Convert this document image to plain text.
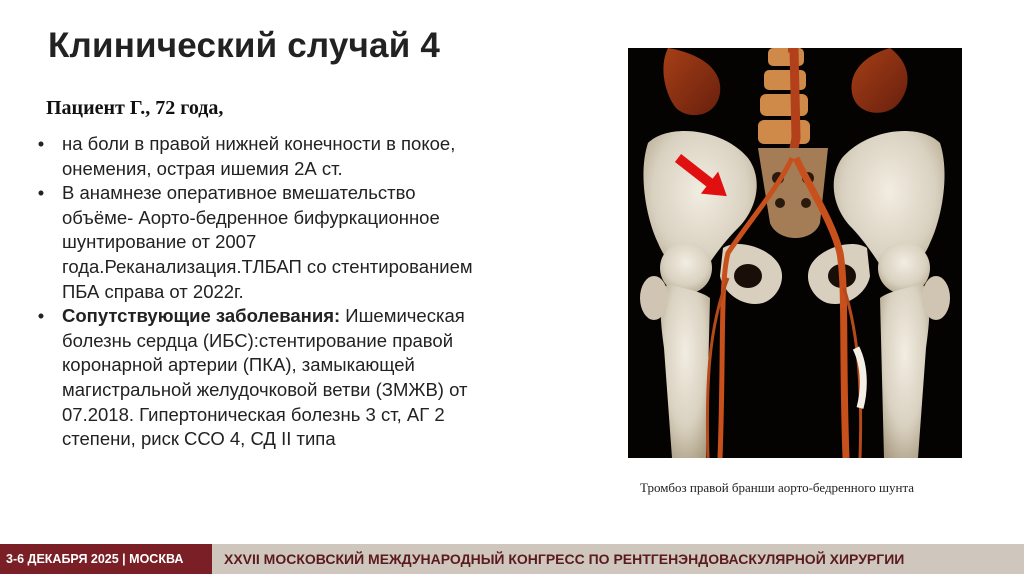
Клинический случай 4
Пациент Г., 72 года,
• на боли в правой нижней конечности в покое,
онемения, острая ишемия 2А ст.
• В анамнезе оперативное вмешательство
объёме- Аорто-бедренное бифуркационное
шунтирование от 2007
года.Реканализация.ТЛБАП со стентированием
ПБА справа от 2022г.
• Сопутствующие заболевания: Ишемическая
болезнь сердца (ИБС):стентирование правой
коронарной артерии (ПКА), замыкающей
магистральной желудочковой ветви (ЗМЖВ) от
07.2018. Гипертоническая болезнь 3 ст, АГ 2
степени, риск ССО 4, СД II типа
Тромбоз правой бранши аорто-бедренного шунта
3-6 ДЕКАБРЯ 2025 | МОСКВА	XXVII МОСКОВСКИЙ МЕЖДУНАРОДНЫЙ КОНГРЕСС ПО РЕНТГЕНЭНДОВАСКУЛЯРНОЙ ХИРУРГИИ
